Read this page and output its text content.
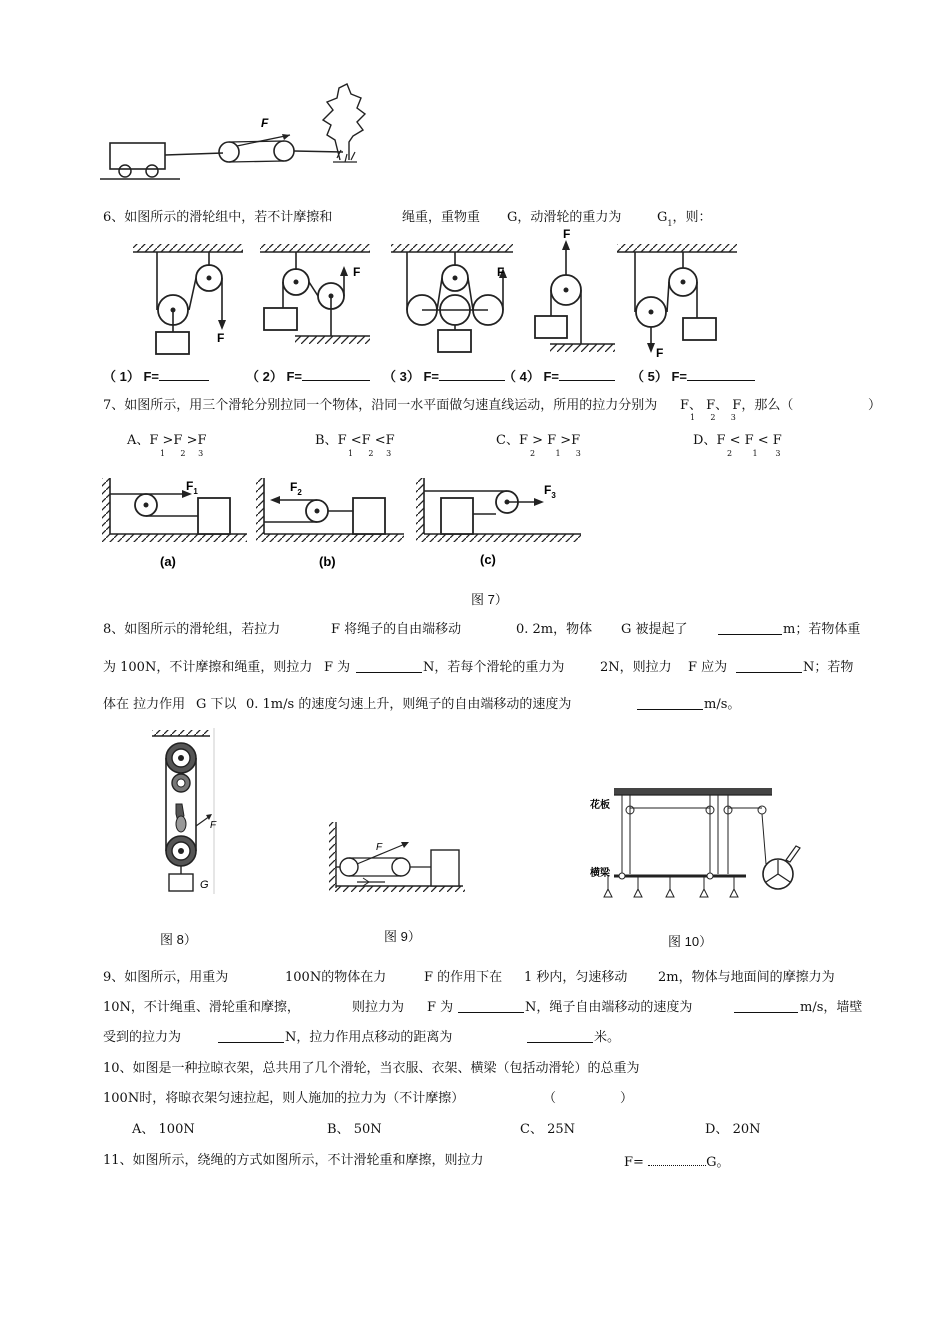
F
6、如图所示的滑轮组中，若不计摩擦和	绳重，重物重 G，动滑轮的重力为	$G_1$，则：
F
F	F
F
F
（ 1） F=	（ 2） F=	（ 3） F=	（ 4） F=	（ 5） F=
7、如图所示，用三个滑轮分别拉同一个物体，沿同一水平面做匀速直线运动，所用的拉力分别为 F、 F、 F，那么（
1 2 3
）
A、F >F >F
1 2 3
B、F <F <F
1 2 3
C、F > F >F
2	1 3
D、F < F < F
2	1 3
$F_1$
(a)
$F_2$
(b)
$F_3$
(c)
图 7）
8、如图所示的滑轮组，若拉力	F 将绳子的自由端移动	0. 2m，物体 G 被提起了	m；若物体重
为 100N，不计摩擦和绳重，则拉力 F 为	N，若每个滑轮的重力为	2N，则拉力 F 应为	N；若物
体在 拉力作用 G 下以 0. 1m/s 的速度匀速上升，则绳子的自由端移动的速度为	m/s。
F
G
F
花板
横梁
图 8）	图 9）	图 10）
9、如图所示，用重为	100N的物体在力	F 的作用下在 1 秒内，匀速移动 2m，物体与地面间的摩擦力为
10N，不计绳重、滑轮重和摩擦，	则拉力为 F 为	N，绳子自由端移动的速度为	m/s，墙壁
受到的拉力为	N，拉力作用点移动的距离为	米。
10、如图是一种拉晾衣架，总共用了几个滑轮，当衣服、衣架、横梁（包括动滑轮）的总重为
100N时，将晾衣架匀速拉起，则人施加的拉力为（不计摩擦）	（	）
A、 100N	B、 50N	C、 25N	D、 20N
11、如图所示，绕绳的方式如图所示，不计滑轮重和摩擦，则拉力	F=	G。
